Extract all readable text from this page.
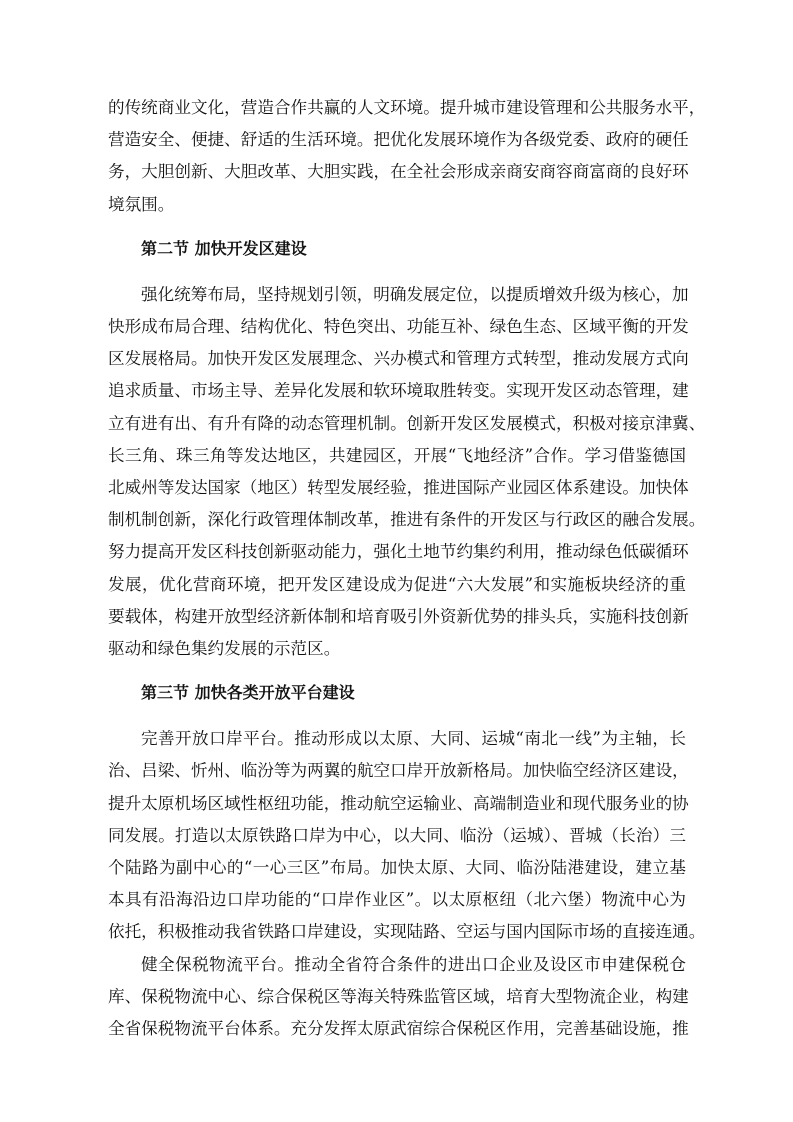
的传统商业文化，营造合作共赢的人文环境。提升城市建设管理和公共服务水平，
营造安全、便捷、舒适的生活环境。把优化发展环境作为各级党委、政府的硬任
务，大胆创新、大胆改革、大胆实践，在全社会形成亲商安商容商富商的良好环
境氛围。

第二节 加快开发区建设

强化统筹布局，坚持规划引领，明确发展定位，以提质增效升级为核心，加
快形成布局合理、结构优化、特色突出、功能互补、绿色生态、区域平衡的开发
区发展格局。加快开发区发展理念、兴办模式和管理方式转型，推动发展方式向
追求质量、市场主导、差异化发展和软环境取胜转变。实现开发区动态管理，建
立有进有出、有升有降的动态管理机制。创新开发区发展模式，积极对接京津冀、
长三角、珠三角等发达地区，共建园区，开展“飞地经济”合作。学习借鉴德国
北威州等发达国家（地区）转型发展经验，推进国际产业园区体系建设。加快体
制机制创新，深化行政管理体制改革，推进有条件的开发区与行政区的融合发展。
努力提高开发区科技创新驱动能力，强化土地节约集约利用，推动绿色低碳循环
发展，优化营商环境，把开发区建设成为促进“六大发展”和实施板块经济的重
要载体，构建开放型经济新体制和培育吸引外资新优势的排头兵，实施科技创新
驱动和绿色集约发展的示范区。

第三节 加快各类开放平台建设

完善开放口岸平台。推动形成以太原、大同、运城“南北一线”为主轴，长
治、吕梁、忻州、临汾等为两翼的航空口岸开放新格局。加快临空经济区建设，
提升太原机场区域性枢纽功能，推动航空运输业、高端制造业和现代服务业的协
同发展。打造以太原铁路口岸为中心，以大同、临汾（运城）、晋城（长治）三
个陆路为副中心的“一心三区”布局。加快太原、大同、临汾陆港建设，建立基
本具有沿海沿边口岸功能的“口岸作业区”。以太原枢纽（北六堡）物流中心为
依托，积极推动我省铁路口岸建设，实现陆路、空运与国内国际市场的直接连通。

健全保税物流平台。推动全省符合条件的进出口企业及设区市申建保税仓
库、保税物流中心、综合保税区等海关特殊监管区域，培育大型物流企业，构建
全省保税物流平台体系。充分发挥太原武宿综合保税区作用，完善基础设施，推
